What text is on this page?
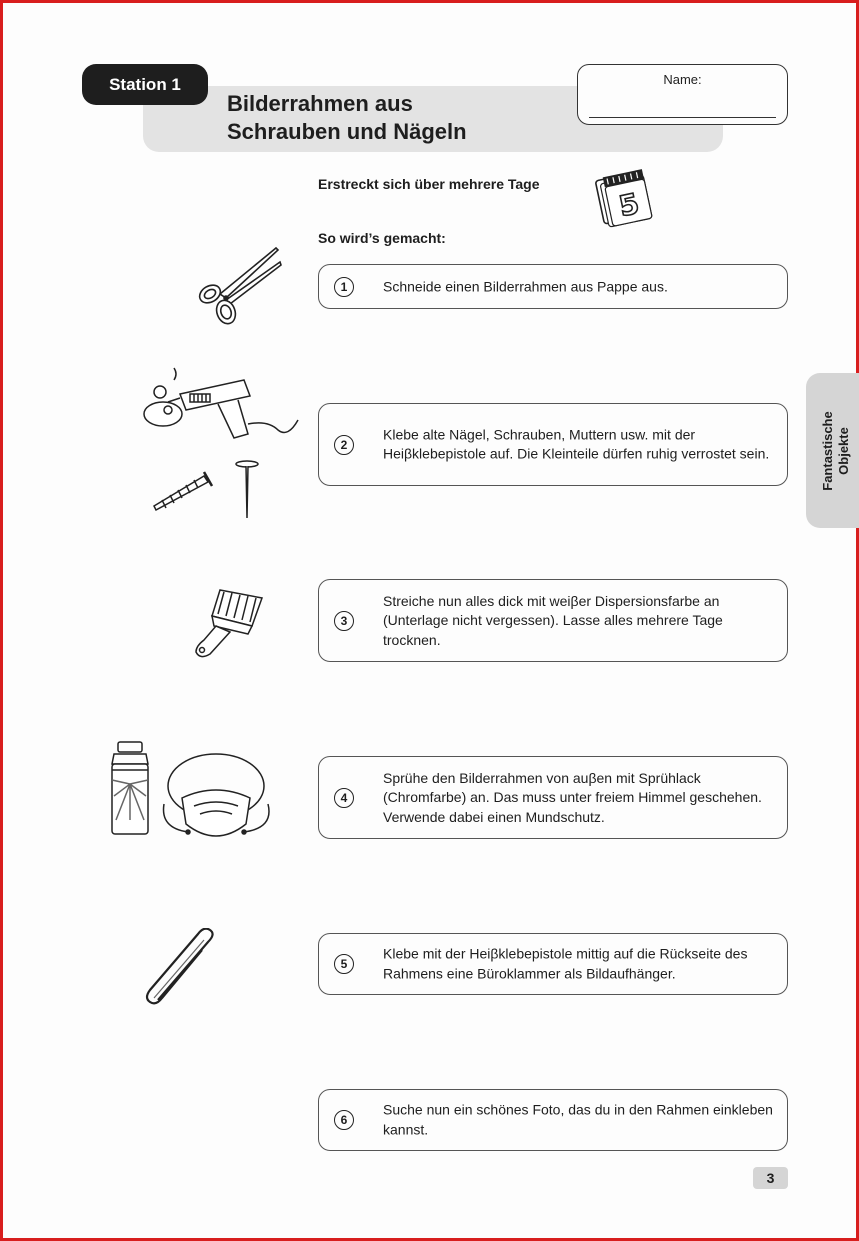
Bilderrahmen aus
Schrauben und Nägeln
Station 1	Name:
Erstreckt sich über mehrere Tage
5
So wird’s gemacht:
1	Schneide einen Bilderrahmen aus Pappe aus.
2
Klebe alte Nägel, Schrauben, Muttern usw. mit der Heiβklebepistole auf. Die Kleinteile dürfen ruhig verrostet sein.
3
Streiche nun alles dick mit weiβer Dispersionsfarbe an (Unterlage nicht vergessen). Lasse alles mehrere Tage trocknen.
4
Sprühe den Bilderrahmen von auβen mit Sprühlack (Chromfarbe) an. Das muss unter freiem Himmel geschehen. Verwende dabei einen Mundschutz.
5
Klebe mit der Heiβklebepistole mittig auf die Rückseite des Rahmens eine Büroklammer als Bildaufhänger.
6
Suche nun ein schönes Foto, das du in den Rahmen einkleben kannst.
Fantastische Objekte
3
